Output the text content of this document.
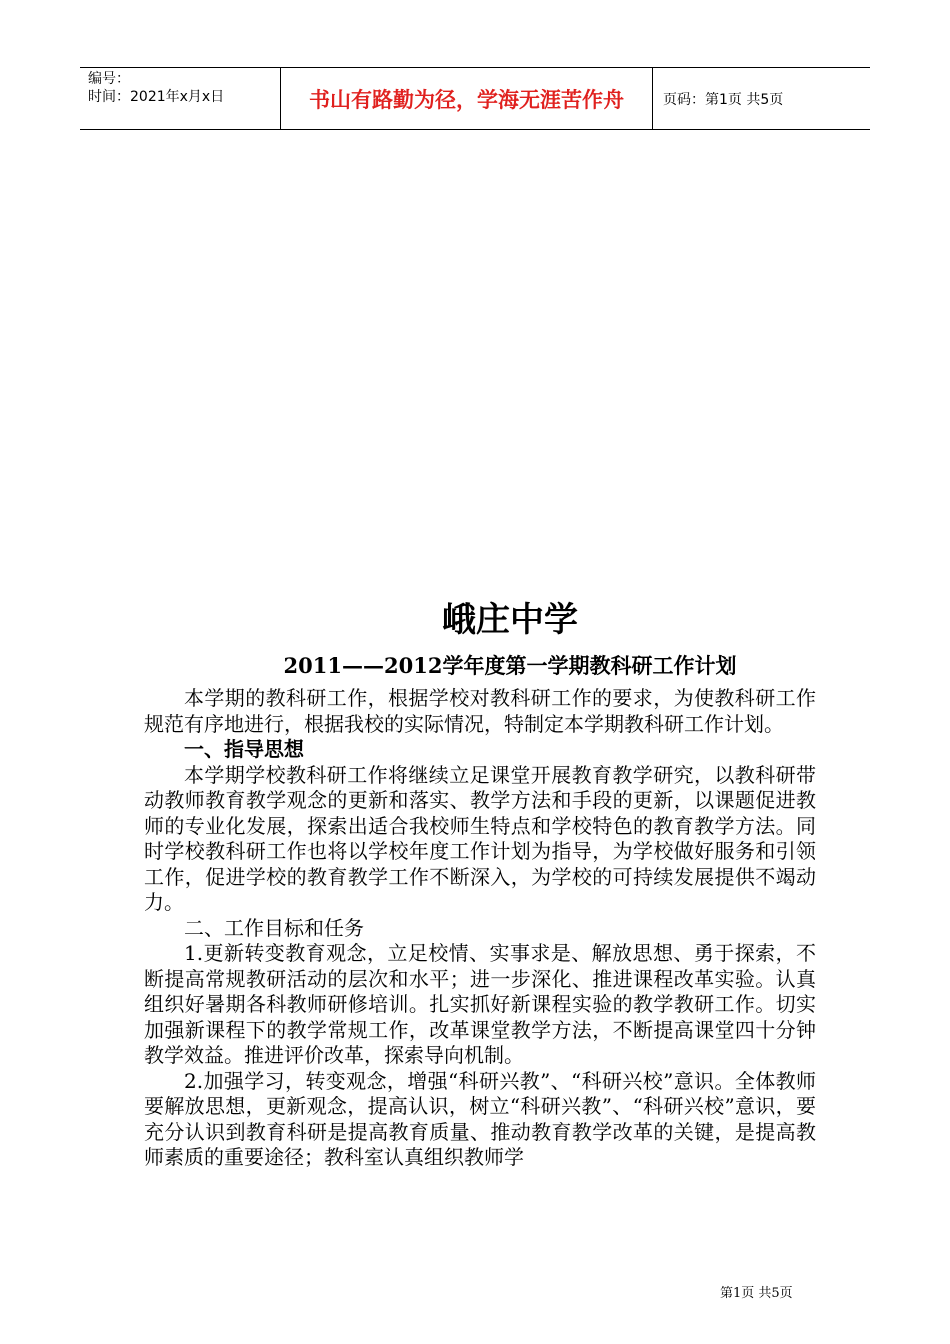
编号：
时间：2021年x月x日	书山有路勤为径，学海无涯苦作舟	页码：第1页 共5页
峨庄中学
2011——2012学年度第一学期教科研工作计划

本学期的教科研工作，根据学校对教科研工作的要求，为使教科研工作规范有序地进行，根据我校的实际情况，特制定本学期教科研工作计划。

一、指导思想

本学期学校教科研工作将继续立足课堂开展教育教学研究，以教科研带动教师教育教学观念的更新和落实、教学方法和手段的更新，以课题促进教师的专业化发展，探索出适合我校师生特点和学校特色的教育教学方法。同时学校教科研工作也将以学校年度工作计划为指导，为学校做好服务和引领工作，促进学校的教育教学工作不断深入，为学校的可持续发展提供不竭动力。

二、工作目标和任务

1.更新转变教育观念，立足校情、实事求是、解放思想、勇于探索，不断提高常规教研活动的层次和水平；进一步深化、推进课程改革实验。认真组织好暑期各科教师研修培训。扎实抓好新课程实验的教学教研工作。切实加强新课程下的教学常规工作，改革课堂教学方法，不断提高课堂四十分钟教学效益。推进评价改革，探索导向机制。

2.加强学习，转变观念，增强“科研兴教”、“科研兴校”意识。全体教师要解放思想，更新观念，提高认识，树立“科研兴教”、“科研兴校”意识，要充分认识到教育科研是提高教育质量、推动教育教学改革的关键，是提高教师素质的重要途径；教科室认真组织教师学

第1页 共5页
